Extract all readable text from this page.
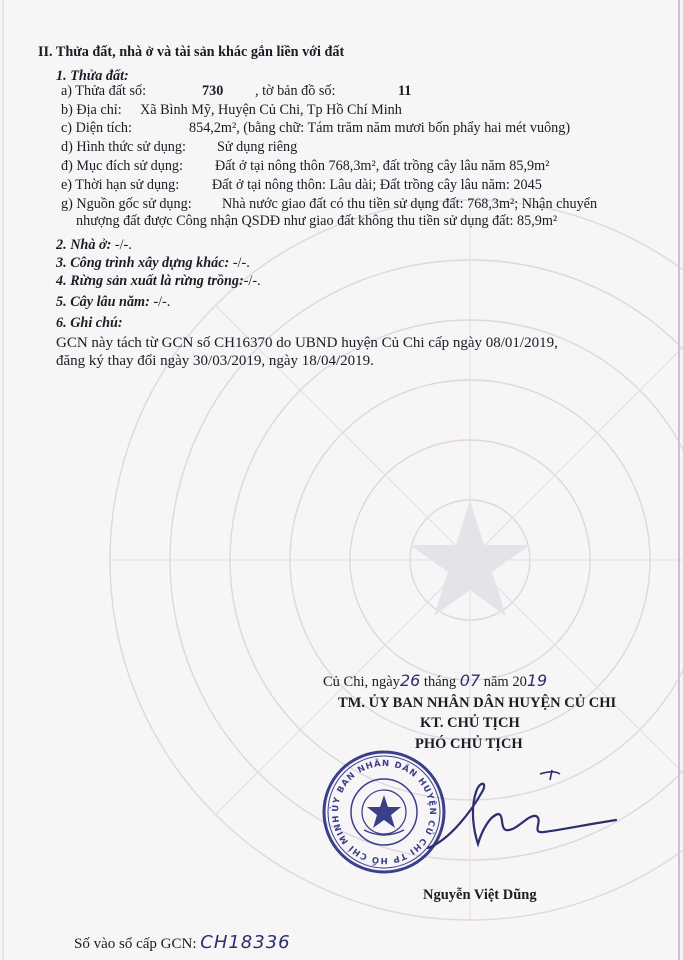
II. Thửa đất, nhà ở và tài sản khác gắn liền với đất
1. Thửa đất:
a) Thửa đất số:	730 , tờ bản đồ số:	11
b) Địa chỉ: Xã Bình Mỹ, Huyện Củ Chi, Tp Hồ Chí Minh
c) Diện tích:	854,2m², (bằng chữ: Tám trăm năm mươi bốn phẩy hai mét vuông)
d) Hình thức sử dụng: Sử dụng riêng
đ) Mục đích sử dụng: Đất ở tại nông thôn 768,3m², đất trồng cây lâu năm 85,9m²
e) Thời hạn sử dụng: Đất ở tại nông thôn: Lâu dài; Đất trồng cây lâu năm: 2045
g) Nguồn gốc sử dụng: Nhà nước giao đất có thu tiền sử dụng đất: 768,3m²; Nhận chuyển
nhượng đất được Công nhận QSDĐ như giao đất không thu tiền sử dụng đất: 85,9m²
2. Nhà ở: -/-.
3. Công trình xây dựng khác: -/-.
4. Rừng sản xuất là rừng trồng:-/-.
5. Cây lâu năm: -/-.
6. Ghi chú:
GCN này tách từ GCN số CH16370 do UBND huyện Củ Chi cấp ngày 08/01/2019,
đăng ký thay đổi ngày 30/03/2019, ngày 18/04/2019.
Củ Chi, ngày26 tháng 07 năm 2019
TM. ỦY BAN NHÂN DÂN HUYỆN CỦ CHI
KT. CHỦ TỊCH
PHÓ CHỦ TỊCH
ỦY BAN NHÂN DÂN HUYỆN CỦ CHI TP HỒ CHÍ MINH
Nguyễn Việt Dũng
Số vào sổ cấp GCN: CH18336
